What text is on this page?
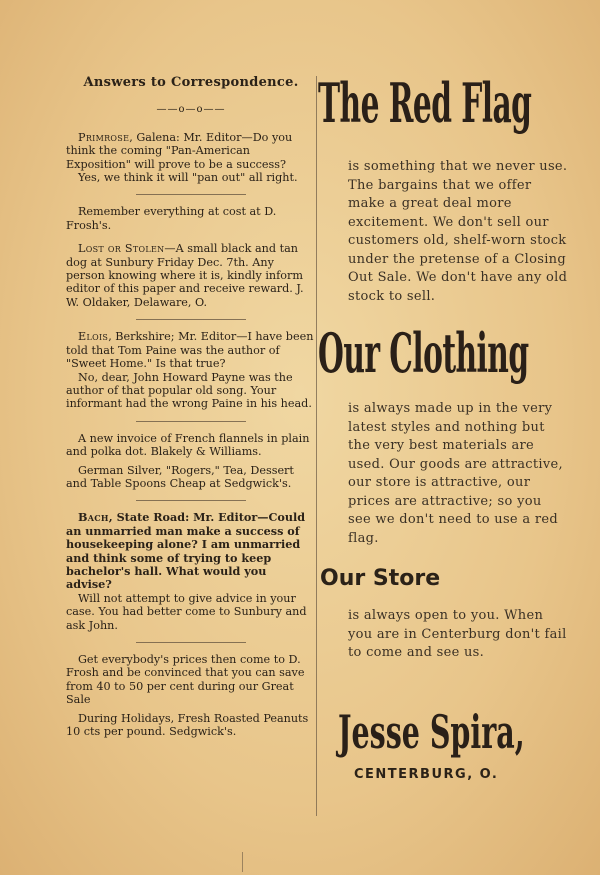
Answers to Correspondence.
——o—o——

Primrose, Galena: Mr. Editor—Do you think the coming "Pan-American Exposition" will prove to be a success?

Yes, we think it will "pan out" all right.

Remember everything at cost at D. Frosh's.

Lost or Stolen—A small black and tan dog at Sunbury Friday Dec. 7th. Any person knowing where it is, kindly inform editor of this paper and receive reward. J. W. Oldaker, Delaware, O.

Elois, Berkshire; Mr. Editor—I have been told that Tom Paine was the author of "Sweet Home." Is that true?

No, dear, John Howard Payne was the author of that popular old song. Your informant had the wrong Paine in his head.

A new invoice of French flannels in plain and polka dot. Blakely & Williams.

German Silver, "Rogers," Tea, Dessert and Table Spoons Cheap at Sedgwick's.

Bach, State Road: Mr. Editor—Could an unmarried man make a success of housekeeping alone? I am unmarried and think some of trying to keep bachelor's hall. What would you advise?

Will not attempt to give advice in your case. You had better come to Sunbury and ask John.

Get everybody's prices then come to D. Frosh and be convinced that you can save from 40 to 50 per cent during our Great Sale

During Holidays, Fresh Roasted Peanuts 10 cts per pound. Sedgwick's.

The Red Flag

is something that we never use. The bargains that we offer make a great deal more excitement. We don't sell our customers old, shelf-worn stock under the pretense of a Closing Out Sale. We don't have any old stock to sell.

Our Clothing

is always made up in the very latest styles and nothing but the very best materials are used. Our goods are attractive, our store is attractive, our prices are attractive; so you see we don't need to use a red flag.

Our Store

is always open to you. When you are in Centerburg don't fail to come and see us.

Jesse Spira,
CENTERBURG, O.
